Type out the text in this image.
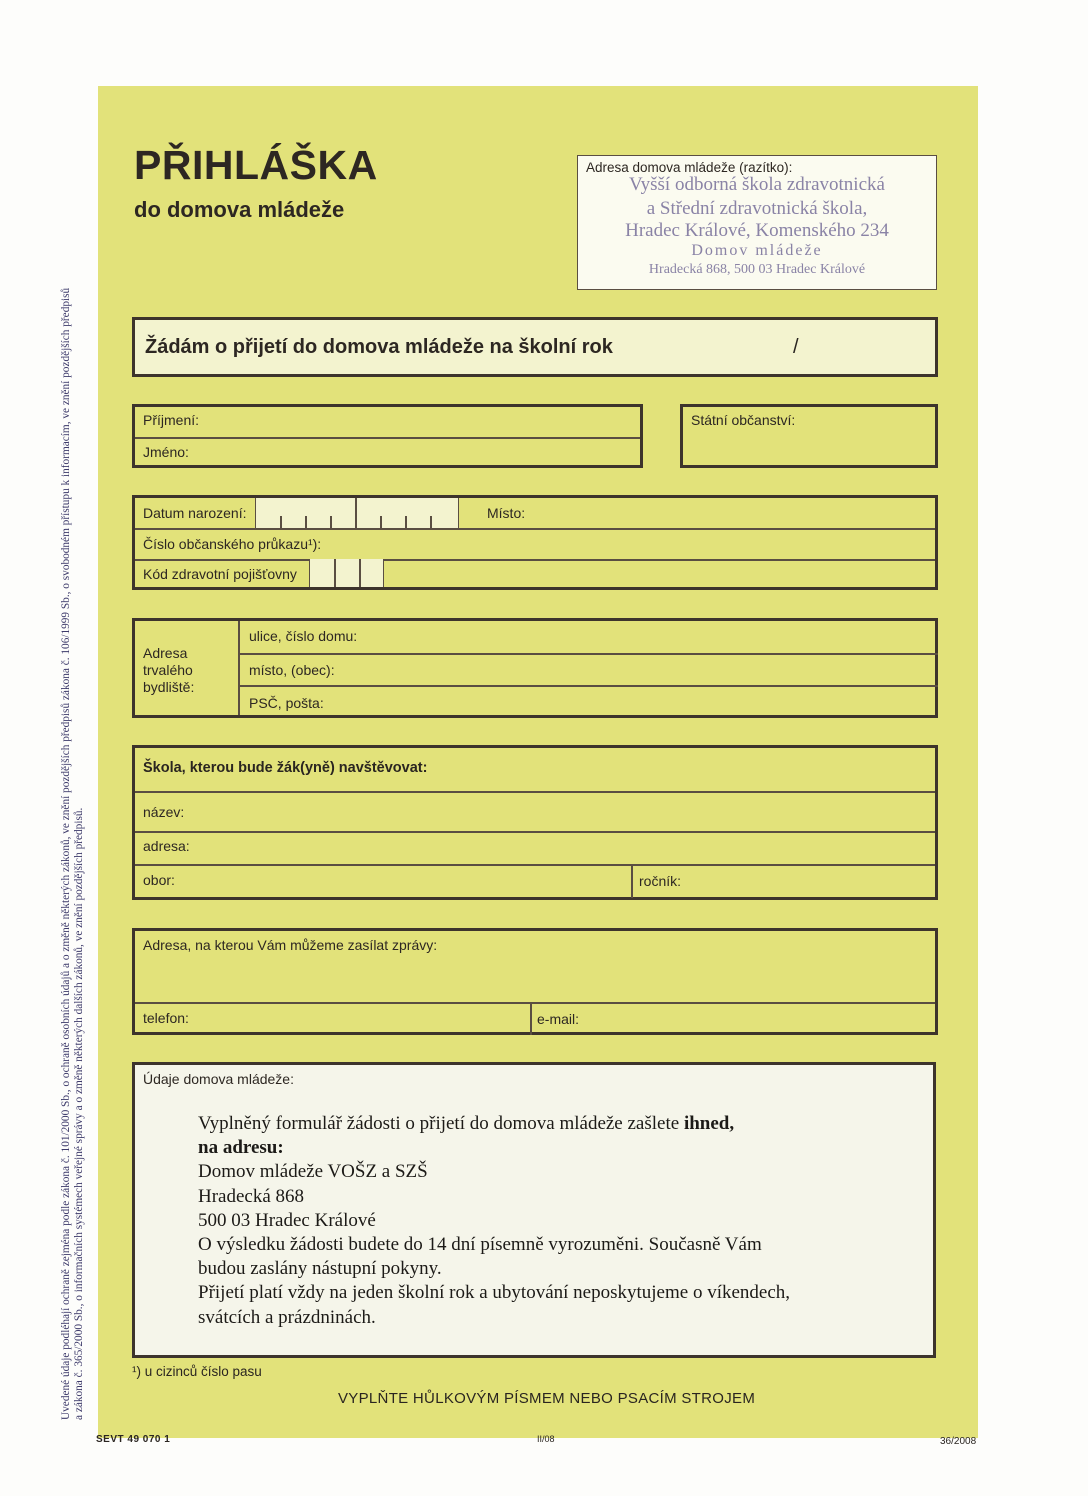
Uvedené údaje podléhají ochraně zejména podle zákona č. 101/2000 Sb., o ochraně osobních údajů a o změně některých zákonů, ve znění pozdějších předpisů zákona č. 106/1999 Sb., o svobodném přístupu k informacím, ve znění pozdějších předpisů a zákona č. 365/2000 Sb., o informačních systémech veřejné správy a o změně některých dalších zákonů, ve znění pozdějších předpisů.
PŘIHLÁŠKA
do domova mládeže
Adresa domova mládeže (razítko):
Vyšší odborná škola zdravotnická
a Střední zdravotnická škola,
Hradec Králové, Komenského 234
Domov mládeže
Hradecká 868, 500 03 Hradec Králové
Žádám o přijetí do domova mládeže na školní rok	/
Příjmení:
Jméno:
Státní občanství:
Datum narození:	Místo:
Číslo občanského průkazu¹):
Kód zdravotní pojišťovny
Adresa trvalého bydliště:
ulice, číslo domu:
místo, (obec):
PSČ, pošta:
Škola, kterou bude žák(yně) navštěvovat:
název:
adresa:
obor:	ročník:
Adresa, na kterou Vám můžeme zasílat zprávy:
telefon:	e-mail:
Údaje domova mládeže:
Vyplněný formulář žádosti o přijetí do domova mládeže zašlete ihned,
na adresu:
Domov mládeže VOŠZ a SZŠ
Hradecká 868
500 03 Hradec Králové
O výsledku žádosti budete do 14 dní písemně vyrozuměni. Současně Vám
budou zaslány nástupní pokyny.
Přijetí platí vždy na jeden školní rok a ubytování neposkytujeme o víkendech,
svátcích a prázdninách.
¹) u cizinců číslo pasu
VYPLŇTE HŮLKOVÝM PÍSMEM NEBO PSACÍM STROJEM
SEVT 49 070 1	II/08	36/2008
